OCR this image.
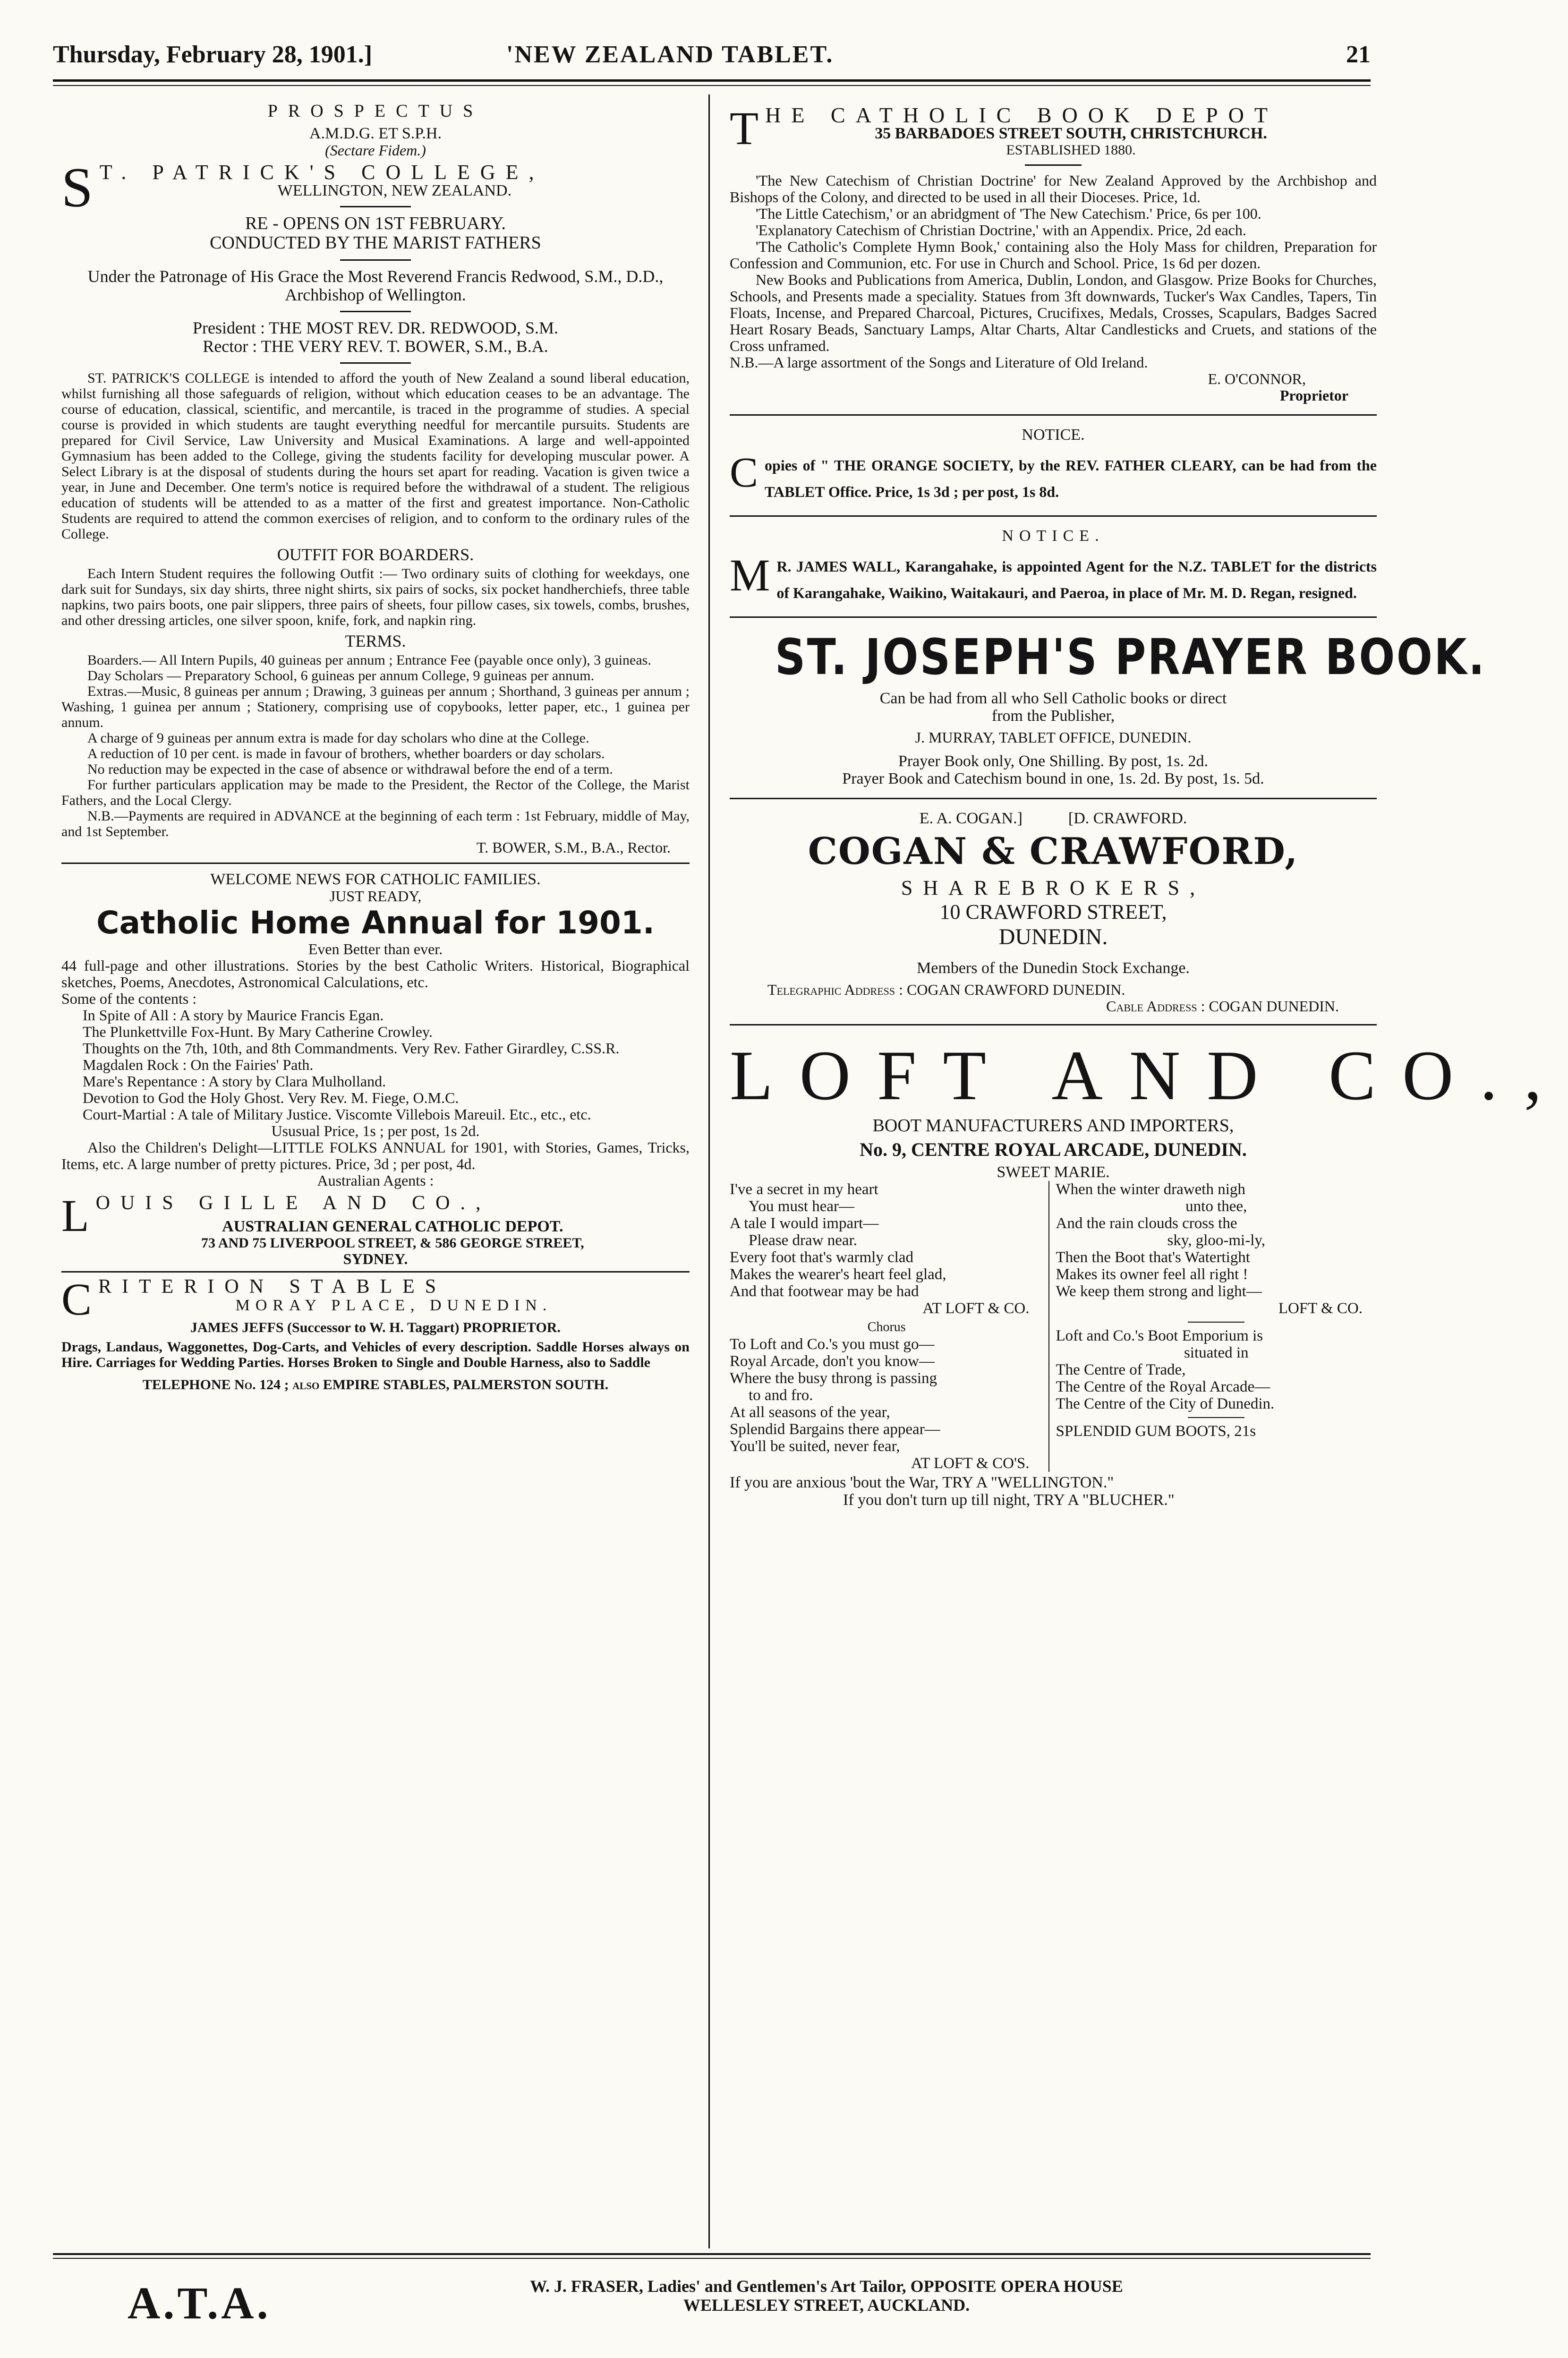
Thursday, February 28, 1901.]	'NEW ZEALAND TABLET.	21

PROSPECTUS

A.M.D.G. ET S.P.H.

(Sectare Fidem.)

S T. PATRICK'S COLLEGE,

WELLINGTON, NEW ZEALAND.

RE - OPENS ON 1ST FEBRUARY.

CONDUCTED BY THE MARIST FATHERS

Under the Patronage of His Grace the Most Reverend Francis Redwood, S.M., D.D., Archbishop of Wellington.

President : THE MOST REV. DR. REDWOOD, S.M.

Rector : THE VERY REV. T. BOWER, S.M., B.A.

ST. PATRICK'S COLLEGE is intended to afford the youth of New Zealand a sound liberal education, whilst furnishing all those safeguards of religion, without which education ceases to be an advantage. The course of education, classical, scientific, and mercantile, is traced in the programme of studies. A special course is provided in which students are taught everything needful for mercantile pursuits. Students are prepared for Civil Service, Law University and Musical Examinations. A large and well-appointed Gymnasium has been added to the College, giving the students facility for developing muscular power. A Select Library is at the disposal of students during the hours set apart for reading. Vacation is given twice a year, in June and December. One term's notice is required before the withdrawal of a student. The religious education of students will be attended to as a matter of the first and greatest importance. Non-Catholic Students are required to attend the common exercises of religion, and to conform to the ordinary rules of the College.

OUTFIT FOR BOARDERS.

Each Intern Student requires the following Outfit :— Two ordinary suits of clothing for weekdays, one dark suit for Sundays, six day shirts, three night shirts, six pairs of socks, six pocket handherchiefs, three table napkins, two pairs boots, one pair slippers, three pairs of sheets, four pillow cases, six towels, combs, brushes, and other dressing articles, one silver spoon, knife, fork, and napkin ring.

TERMS.

Boarders.— All Intern Pupils, 40 guineas per annum ; Entrance Fee (payable once only), 3 guineas.

Day Scholars — Preparatory School, 6 guineas per annum College, 9 guineas per annum.

Extras.—Music, 8 guineas per annum ; Drawing, 3 guineas per annum ; Shorthand, 3 guineas per annum ; Washing, 1 guinea per annum ; Stationery, comprising use of copybooks, letter paper, etc., 1 guinea per annum.

A charge of 9 guineas per annum extra is made for day scholars who dine at the College.

A reduction of 10 per cent. is made in favour of brothers, whether boarders or day scholars.

No reduction may be expected in the case of absence or withdrawal before the end of a term.

For further particulars application may be made to the President, the Rector of the College, the Marist Fathers, and the Local Clergy.

N.B.—Payments are required in ADVANCE at the beginning of each term : 1st February, middle of May, and 1st September.

T. BOWER, S.M., B.A., Rector.

WELCOME NEWS FOR CATHOLIC FAMILIES.

JUST READY,

Catholic Home Annual for 1901.

Even Better than ever.

44 full-page and other illustrations. Stories by the best Catholic Writers. Historical, Biographical sketches, Poems, Anecdotes, Astronomical Calculations, etc.

Some of the contents :

In Spite of All : A story by Maurice Francis Egan.

The Plunkettville Fox-Hunt. By Mary Catherine Crowley.

Thoughts on the 7th, 10th, and 8th Commandments. Very Rev. Father Girardley, C.SS.R.

Magdalen Rock : On the Fairies' Path.

Mare's Repentance : A story by Clara Mulholland.

Devotion to God the Holy Ghost. Very Rev. M. Fiege, O.M.C.

Court-Martial : A tale of Military Justice. Viscomte Villebois Mareuil. Etc., etc., etc.

Ususual Price, 1s ; per post, 1s 2d.

Also the Children's Delight—LITTLE FOLKS ANNUAL for 1901, with Stories, Games, Tricks, Items, etc. A large number of pretty pictures. Price, 3d ; per post, 4d.

Australian Agents :

L OUIS GILLE AND CO.,

AUSTRALIAN GENERAL CATHOLIC DEPOT.

73 AND 75 LIVERPOOL STREET, & 586 GEORGE STREET,

SYDNEY.

C RITERION STABLES

MORAY PLACE, DUNEDIN.

JAMES JEFFS (Successor to W. H. Taggart) PROPRIETOR.

Drags, Landaus, Waggonettes, Dog-Carts, and Vehicles of every description. Saddle Horses always on Hire. Carriages for Wedding Parties. Horses Broken to Single and Double Harness, also to Saddle

TELEPHONE No. 124 ; also EMPIRE STABLES, PALMERSTON SOUTH.

T HE CATHOLIC BOOK DEPOT

35 BARBADOES STREET SOUTH, CHRISTCHURCH.

ESTABLISHED 1880.

'The New Catechism of Christian Doctrine' for New Zealand Approved by the Archbishop and Bishops of the Colony, and directed to be used in all their Dioceses. Price, 1d.

'The Little Catechism,' or an abridgment of 'The New Catechism.' Price, 6s per 100.

'Explanatory Catechism of Christian Doctrine,' with an Appendix. Price, 2d each.

'The Catholic's Complete Hymn Book,' containing also the Holy Mass for children, Preparation for Confession and Communion, etc. For use in Church and School. Price, 1s 6d per dozen.

New Books and Publications from America, Dublin, London, and Glasgow. Prize Books for Churches, Schools, and Presents made a speciality. Statues from 3ft downwards, Tucker's Wax Candles, Tapers, Tin Floats, Incense, and Prepared Charcoal, Pictures, Crucifixes, Medals, Crosses, Scapulars, Badges Sacred Heart Rosary Beads, Sanctuary Lamps, Altar Charts, Altar Candlesticks and Cruets, and stations of the Cross unframed.

N.B.—A large assortment of the Songs and Literature of Old Ireland.

E. O'CONNOR,

Proprietor

NOTICE.

C opies of " THE ORANGE SOCIETY, by the REV. FATHER CLEARY, can be had from the TABLET Office. Price, 1s 3d ; per post, 1s 8d.

NOTICE.

M R. JAMES WALL, Karangahake, is appointed Agent for the N.Z. TABLET for the districts of Karangahake, Waikino, Waitakauri, and Paeroa, in place of Mr. M. D. Regan, resigned.

ST. JOSEPH'S PRAYER BOOK.

Can be had from all who Sell Catholic books or direct

from the Publisher,

J. MURRAY, TABLET OFFICE, DUNEDIN.

Prayer Book only, One Shilling. By post, 1s. 2d.

Prayer Book and Catechism bound in one, 1s. 2d. By post, 1s. 5d.

E. A. COGAN.]	[D. CRAWFORD.

COGAN & CRAWFORD,

SHAREBROKERS,

10 CRAWFORD STREET,

DUNEDIN.

Members of the Dunedin Stock Exchange.

Telegraphic Address : COGAN CRAWFORD DUNEDIN.

Cable Address : COGAN DUNEDIN.

LOFT AND CO.,

BOOT MANUFACTURERS AND IMPORTERS,

No. 9, CENTRE ROYAL ARCADE, DUNEDIN.

SWEET MARIE.

I've a secret in my heart

You must hear—

A tale I would impart—

Please draw near.

Every foot that's warmly clad

Makes the wearer's heart feel glad,

And that footwear may be had

AT LOFT & CO.

Chorus

To Loft and Co.'s you must go—

Royal Arcade, don't you know—

Where the busy throng is passing

to and fro.

At all seasons of the year,

Splendid Bargains there appear—

You'll be suited, never fear,

AT LOFT & CO'S.

When the winter draweth nigh

unto thee,

And the rain clouds cross the

sky, gloo-mi-ly,

Then the Boot that's Watertight

Makes its owner feel all right !

We keep them strong and light—

LOFT & CO.

Loft and Co.'s Boot Emporium is

situated in

The Centre of Trade,

The Centre of the Royal Arcade—

The Centre of the City of Dunedin.

SPLENDID GUM BOOTS, 21s

If you are anxious 'bout the War, TRY A "WELLINGTON."

If you don't turn up till night, TRY A "BLUCHER."

A.T.A.	W. J. FRASER, Ladies' and Gentlemen's Art Tailor, OPPOSITE OPERA HOUSE

WELLESLEY STREET, AUCKLAND.
